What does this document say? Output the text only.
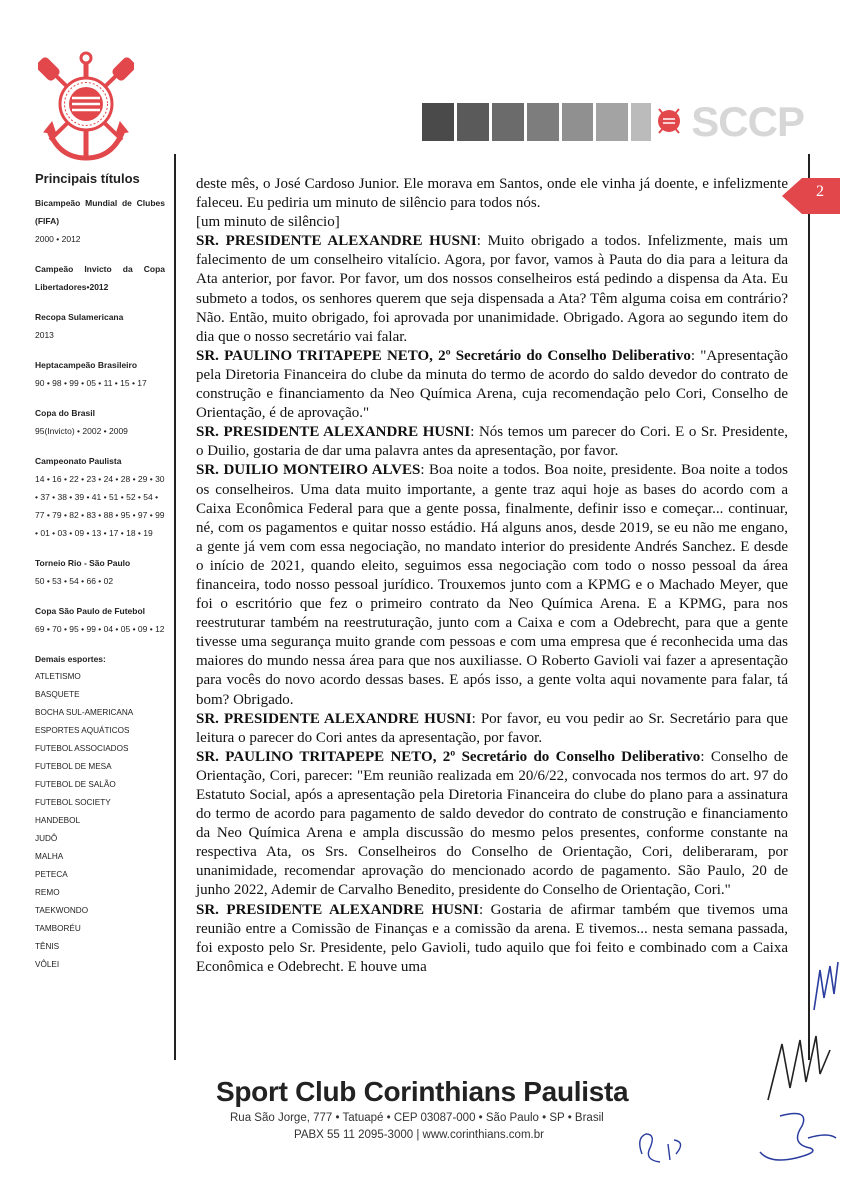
SCCP
Principais títulos
Bicampeão Mundial de Clubes (FIFA)
2000 • 2012
Campeão Invicto da Copa Libertadores•2012
Recopa Sulamericana
2013
Heptacampeão Brasileiro
90 • 98 • 99 • 05 • 11 • 15 • 17
Copa do Brasil
95(Invicto) • 2002 • 2009
Campeonato Paulista
14 • 16 • 22 • 23 • 24 • 28 • 29 • 30 • 37 • 38 • 39 • 41 • 51 • 52 • 54 • 77 • 79 • 82 • 83 • 88 • 95 • 97 • 99 • 01 • 03 • 09 • 13 • 17 • 18 • 19
Torneio Rio - São Paulo
50 • 53 • 54 • 66 • 02
Copa São Paulo de Futebol
69 • 70 • 95 • 99 • 04 • 05 • 09 • 12
Demais esportes:
ATLETISMO
BASQUETE
BOCHA SUL-AMERICANA
ESPORTES AQUÁTICOS
FUTEBOL ASSOCIADOS
FUTEBOL DE MESA
FUTEBOL DE SALÃO
FUTEBOL SOCIETY
HANDEBOL
JUDÔ
MALHA
PETECA
REMO
TAEKWONDO
TAMBORÉU
TÊNIS
VÔLEI
2

deste mês, o José Cardoso Junior. Ele morava em Santos, onde ele vinha já doente, e infelizmente faleceu. Eu pediria um minuto de silêncio para todos nós.

[um minuto de silêncio]

SR. PRESIDENTE ALEXANDRE HUSNI: Muito obrigado a todos. Infelizmente, mais um falecimento de um conselheiro vitalício. Agora, por favor, vamos à Pauta do dia para a leitura da Ata anterior, por favor. Por favor, um dos nossos conselheiros está pedindo a dispensa da Ata. Eu submeto a todos, os senhores querem que seja dispensada a Ata? Têm alguma coisa em contrário? Não. Então, muito obrigado, foi aprovada por unanimidade. Obrigado. Agora ao segundo item do dia que o nosso secretário vai falar.

SR. PAULINO TRITAPEPE NETO, 2º Secretário do Conselho Deliberativo: "Apresentação pela Diretoria Financeira do clube da minuta do termo de acordo do saldo devedor do contrato de construção e financiamento da Neo Química Arena, cuja recomendação pelo Cori, Conselho de Orientação, é de aprovação."

SR. PRESIDENTE ALEXANDRE HUSNI: Nós temos um parecer do Cori. E o Sr. Presidente, o Duilio, gostaria de dar uma palavra antes da apresentação, por favor.

SR. DUILIO MONTEIRO ALVES: Boa noite a todos. Boa noite, presidente. Boa noite a todos os conselheiros. Uma data muito importante, a gente traz aqui hoje as bases do acordo com a Caixa Econômica Federal para que a gente possa, finalmente, definir isso e começar... continuar, né, com os pagamentos e quitar nosso estádio. Há alguns anos, desde 2019, se eu não me engano, a gente já vem com essa negociação, no mandato interior do presidente Andrés Sanchez. E desde o início de 2021, quando eleito, seguimos essa negociação com todo o nosso pessoal da área financeira, todo nosso pessoal jurídico. Trouxemos junto com a KPMG e o Machado Meyer, que foi o escritório que fez o primeiro contrato da Neo Química Arena. E a KPMG, para nos reestruturar também na reestruturação, junto com a Caixa e com a Odebrecht, para que a gente tivesse uma segurança muito grande com pessoas e com uma empresa que é reconhecida uma das maiores do mundo nessa área para que nos auxiliasse. O Roberto Gavioli vai fazer a apresentação para vocês do novo acordo dessas bases. E após isso, a gente volta aqui novamente para falar, tá bom? Obrigado.

SR. PRESIDENTE ALEXANDRE HUSNI: Por favor, eu vou pedir ao Sr. Secretário para que leitura o parecer do Cori antes da apresentação, por favor.

SR. PAULINO TRITAPEPE NETO, 2º Secretário do Conselho Deliberativo: Conselho de Orientação, Cori, parecer: "Em reunião realizada em 20/6/22, convocada nos termos do art. 97 do Estatuto Social, após a apresentação pela Diretoria Financeira do clube do plano para a assinatura do termo de acordo para pagamento de saldo devedor do contrato de construção e financiamento da Neo Química Arena e ampla discussão do mesmo pelos presentes, conforme constante na respectiva Ata, os Srs. Conselheiros do Conselho de Orientação, Cori, deliberaram, por unanimidade, recomendar aprovação do mencionado acordo de pagamento. São Paulo, 20 de junho 2022, Ademir de Carvalho Benedito, presidente do Conselho de Orientação, Cori."

SR. PRESIDENTE ALEXANDRE HUSNI: Gostaria de afirmar também que tivemos uma reunião entre a Comissão de Finanças e a comissão da arena. E tivemos... nesta semana passada, foi exposto pelo Sr. Presidente, pelo Gavioli, tudo aquilo que foi feito e combinado com a Caixa Econômica e Odebrecht. E houve uma

Sport Club Corinthians Paulista
Rua São Jorge, 777 • Tatuapé • CEP 03087-000 • São Paulo • SP • Brasil
PABX 55 11 2095-3000 | www.corinthians.com.br
